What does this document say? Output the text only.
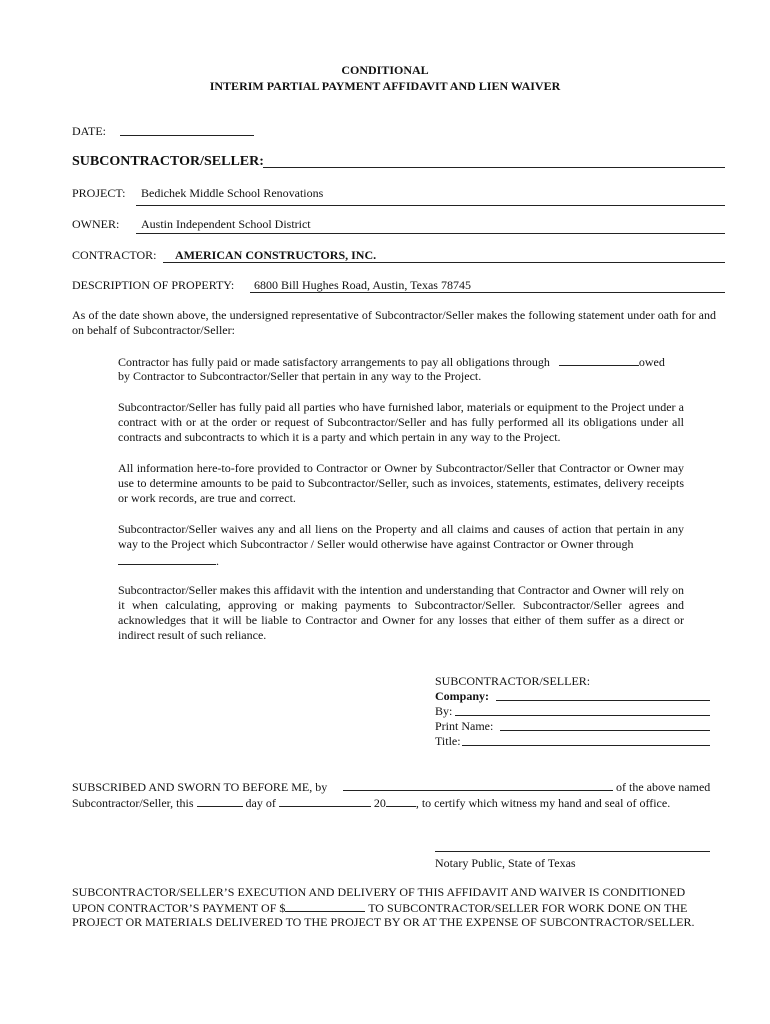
CONDITIONAL
INTERIM PARTIAL PAYMENT AFFIDAVIT AND LIEN WAIVER
DATE:
SUBCONTRACTOR/SELLER:
PROJECT: Bedichek Middle School Renovations
OWNER: Austin Independent School District
CONTRACTOR: AMERICAN CONSTRUCTORS, INC.
DESCRIPTION OF PROPERTY: 6800 Bill Hughes Road, Austin, Texas 78745
As of the date shown above, the undersigned representative of Subcontractor/Seller makes the following statement under oath for and on behalf of Subcontractor/Seller:
Contractor has fully paid or made satisfactory arrangements to pay all obligations through	owed
by Contractor to Subcontractor/Seller that pertain in any way to the Project.
Subcontractor/Seller has fully paid all parties who have furnished labor, materials or equipment to the Project under a contract with or at the order or request of Subcontractor/Seller and has fully performed all its obligations under all contracts and subcontracts to which it is a party and which pertain in any way to the Project.
All information here-to-fore provided to Contractor or Owner by Subcontractor/Seller that Contractor or Owner may use to determine amounts to be paid to Subcontractor/Seller, such as invoices, statements, estimates, delivery receipts or work records, are true and correct.
Subcontractor/Seller waives any and all liens on the Property and all claims and causes of action that pertain in any way to the Project which Subcontractor / Seller would otherwise have against Contractor or Owner through
.
Subcontractor/Seller makes this affidavit with the intention and understanding that Contractor and Owner will rely on it when calculating, approving or making payments to Subcontractor/Seller. Subcontractor/Seller agrees and acknowledges that it will be liable to Contractor and Owner for any losses that either of them suffer as a direct or indirect result of such reliance.
SUBCONTRACTOR/SELLER:
Company:
By:
Print Name:
Title:
SUBSCRIBED AND SWORN TO BEFORE ME, by	of the above named
Subcontractor/Seller, this	day of	20	, to certify which witness my hand and seal of office.
Notary Public, State of Texas
SUBCONTRACTOR/SELLER’S EXECUTION AND DELIVERY OF THIS AFFIDAVIT AND WAIVER IS CONDITIONED
UPON CONTRACTOR’S PAYMENT OF $	TO SUBCONTRACTOR/SELLER FOR WORK DONE ON THE
PROJECT OR MATERIALS DELIVERED TO THE PROJECT BY OR AT THE EXPENSE OF SUBCONTRACTOR/SELLER.
